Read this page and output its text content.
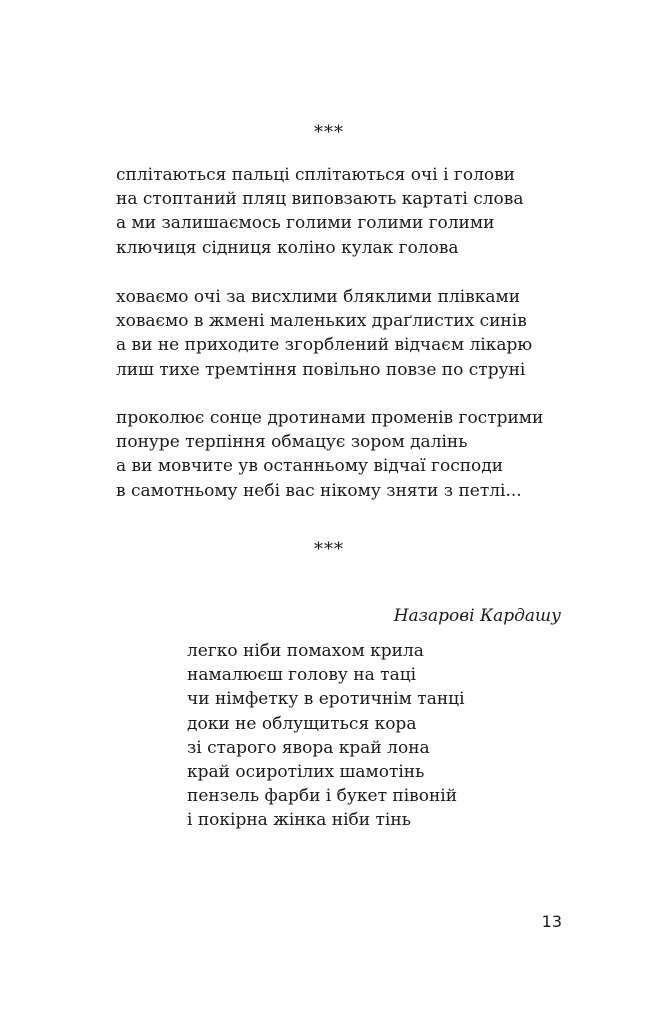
***
сплітаються пальці сплітаються очі і голови
на стоптаний пляц виповзають картаті слова
а ми залишаємось голими голими голими
ключиця сідниця коліно кулак голова
ховаємо очі за висхлими бляклими плівками
ховаємо в жмені маленьких драґлистих синів
а ви не приходите згорблений відчаєм лікарю
лиш тихе тремтіння повільно повзе по струні
проколює сонце дротинами променів гострими
понуре терпіння обмацує зором далінь
а ви мовчите ув останньому відчаї господи
в самотньому небі вас нікому зняти з петлі...
***
Назарові Кардашу
легко ніби помахом крила
намалюєш голову на таці
чи німфетку в еротичнім танці
доки не облущиться кора
зі старого явора край лона
край осиротілих шамотінь
пензель фарби і букет півоній
і покірна жінка ніби тінь
13
